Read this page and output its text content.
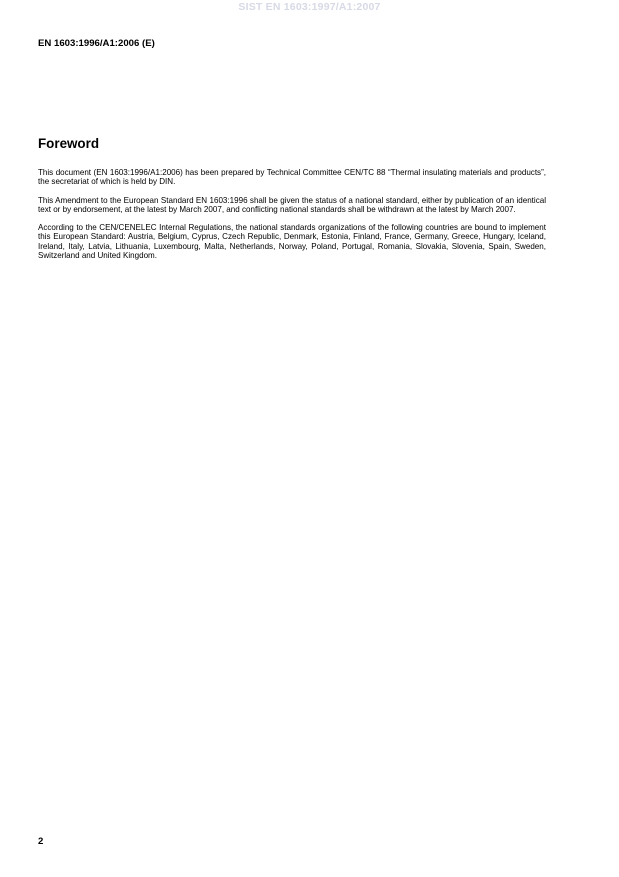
SIST EN 1603:1997/A1:2007
EN 1603:1996/A1:2006 (E)
Foreword

This document (EN 1603:1996/A1:2006) has been prepared by Technical Committee CEN/TC 88 “Thermal insulating materials and products”, the secretariat of which is held by DIN.

This Amendment to the European Standard EN 1603:1996 shall be given the status of a national standard, either by publication of an identical text or by endorsement, at the latest by March 2007, and conflicting national standards shall be withdrawn at the latest by March 2007.

According to the CEN/CENELEC Internal Regulations, the national standards organizations of the following countries are bound to implement this European Standard: Austria, Belgium, Cyprus, Czech Republic, Denmark, Estonia, Finland, France, Germany, Greece, Hungary, Iceland, Ireland, Italy, Latvia, Lithuania, Luxembourg, Malta, Netherlands, Norway, Poland, Portugal, Romania, Slovakia, Slovenia, Spain, Sweden, Switzerland and United Kingdom.

2
